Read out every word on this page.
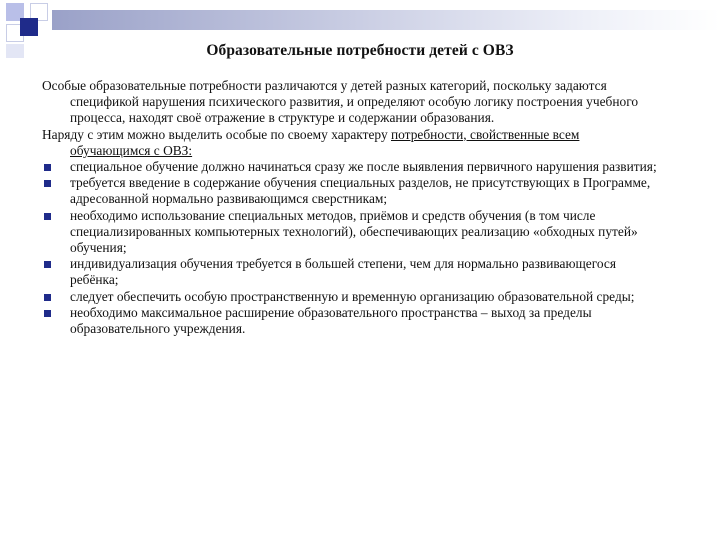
Образовательные потребности детей с ОВЗ

Особые образовательные потребности различаются у детей разных категорий, поскольку задаются спецификой нарушения психического развития, и определяют особую логику построения учебного процесса, находят своё отражение в структуре и содержании образования.

Наряду с этим можно выделить особые по своему характеру потребности, свойственные всем обучающимся с ОВЗ:

специальное обучение должно начинаться сразу же после выявления первичного нарушения развития;
требуется введение в содержание обучения специальных разделов, не присутствующих в Программе, адресованной нормально развивающимся сверстникам;
необходимо использование специальных методов, приёмов и средств обучения (в том числе специализированных компьютерных технологий), обеспечивающих реализацию «обходных путей» обучения;
индивидуализация обучения требуется в большей степени, чем для нормально развивающегося ребёнка;
следует обеспечить особую пространственную и временную организацию образовательной среды;
необходимо максимальное расширение образовательного пространства – выход за пределы образовательного учреждения.
